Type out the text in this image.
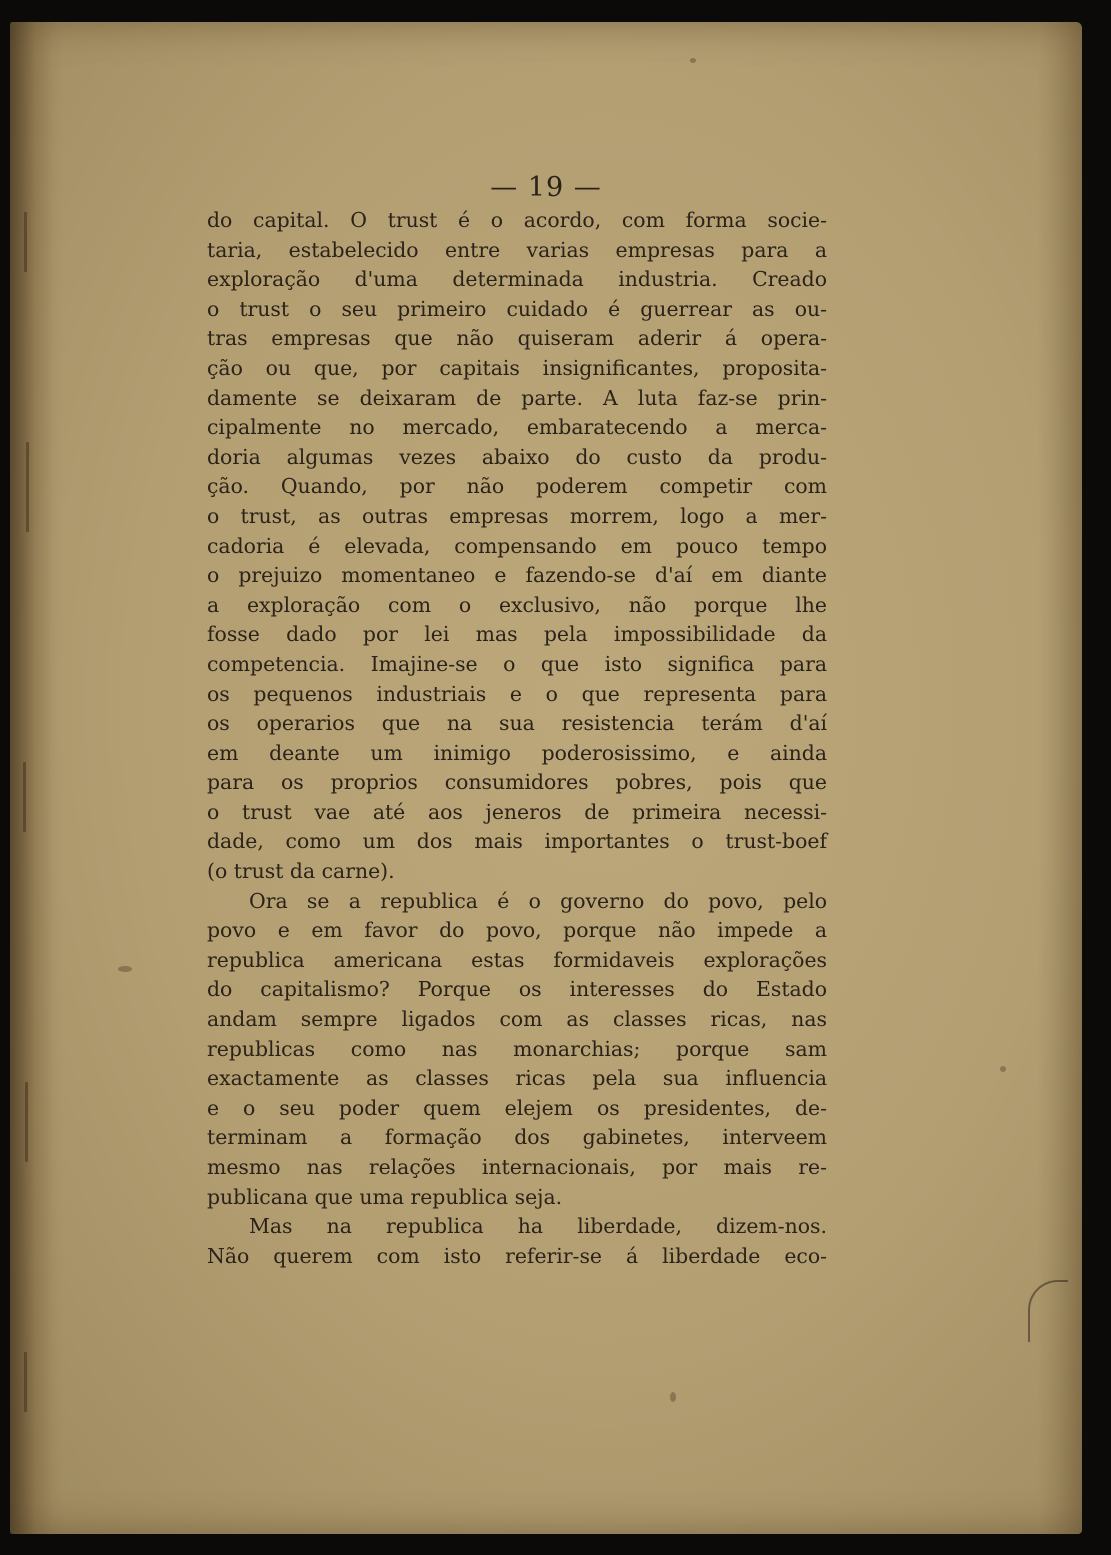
— 19 —
do capital. O trust é o acordo, com forma socie-
taria, estabelecido entre varias empresas para a
exploração d'uma determinada industria. Creado
o trust o seu primeiro cuidado é guerrear as ou-
tras empresas que não quiseram aderir á opera-
ção ou que, por capitais insignificantes, proposita-
damente se deixaram de parte. A luta faz-se prin-
cipalmente no mercado, embaratecendo a merca-
doria algumas vezes abaixo do custo da produ-
ção. Quando, por não poderem competir com
o trust, as outras empresas morrem, logo a mer-
cadoria é elevada, compensando em pouco tempo
o prejuizo momentaneo e fazendo-se d'aí em diante
a exploração com o exclusivo, não porque lhe
fosse dado por lei mas pela impossibilidade da
competencia. Imajine-se o que isto significa para
os pequenos industriais e o que representa para
os operarios que na sua resistencia terám d'aí
em deante um inimigo poderosissimo, e ainda
para os proprios consumidores pobres, pois que
o trust vae até aos jeneros de primeira necessi-
dade, como um dos mais importantes o trust-boef
(o trust da carne).
Ora se a republica é o governo do povo, pelo
povo e em favor do povo, porque não impede a
republica americana estas formidaveis explorações
do capitalismo? Porque os interesses do Estado
andam sempre ligados com as classes ricas, nas
republicas como nas monarchias; porque sam
exactamente as classes ricas pela sua influencia
e o seu poder quem elejem os presidentes, de-
terminam a formação dos gabinetes, interveem
mesmo nas relações internacionais, por mais re-
publicana que uma republica seja.
Mas na republica ha liberdade, dizem-nos.
Não querem com isto referir-se á liberdade eco-
